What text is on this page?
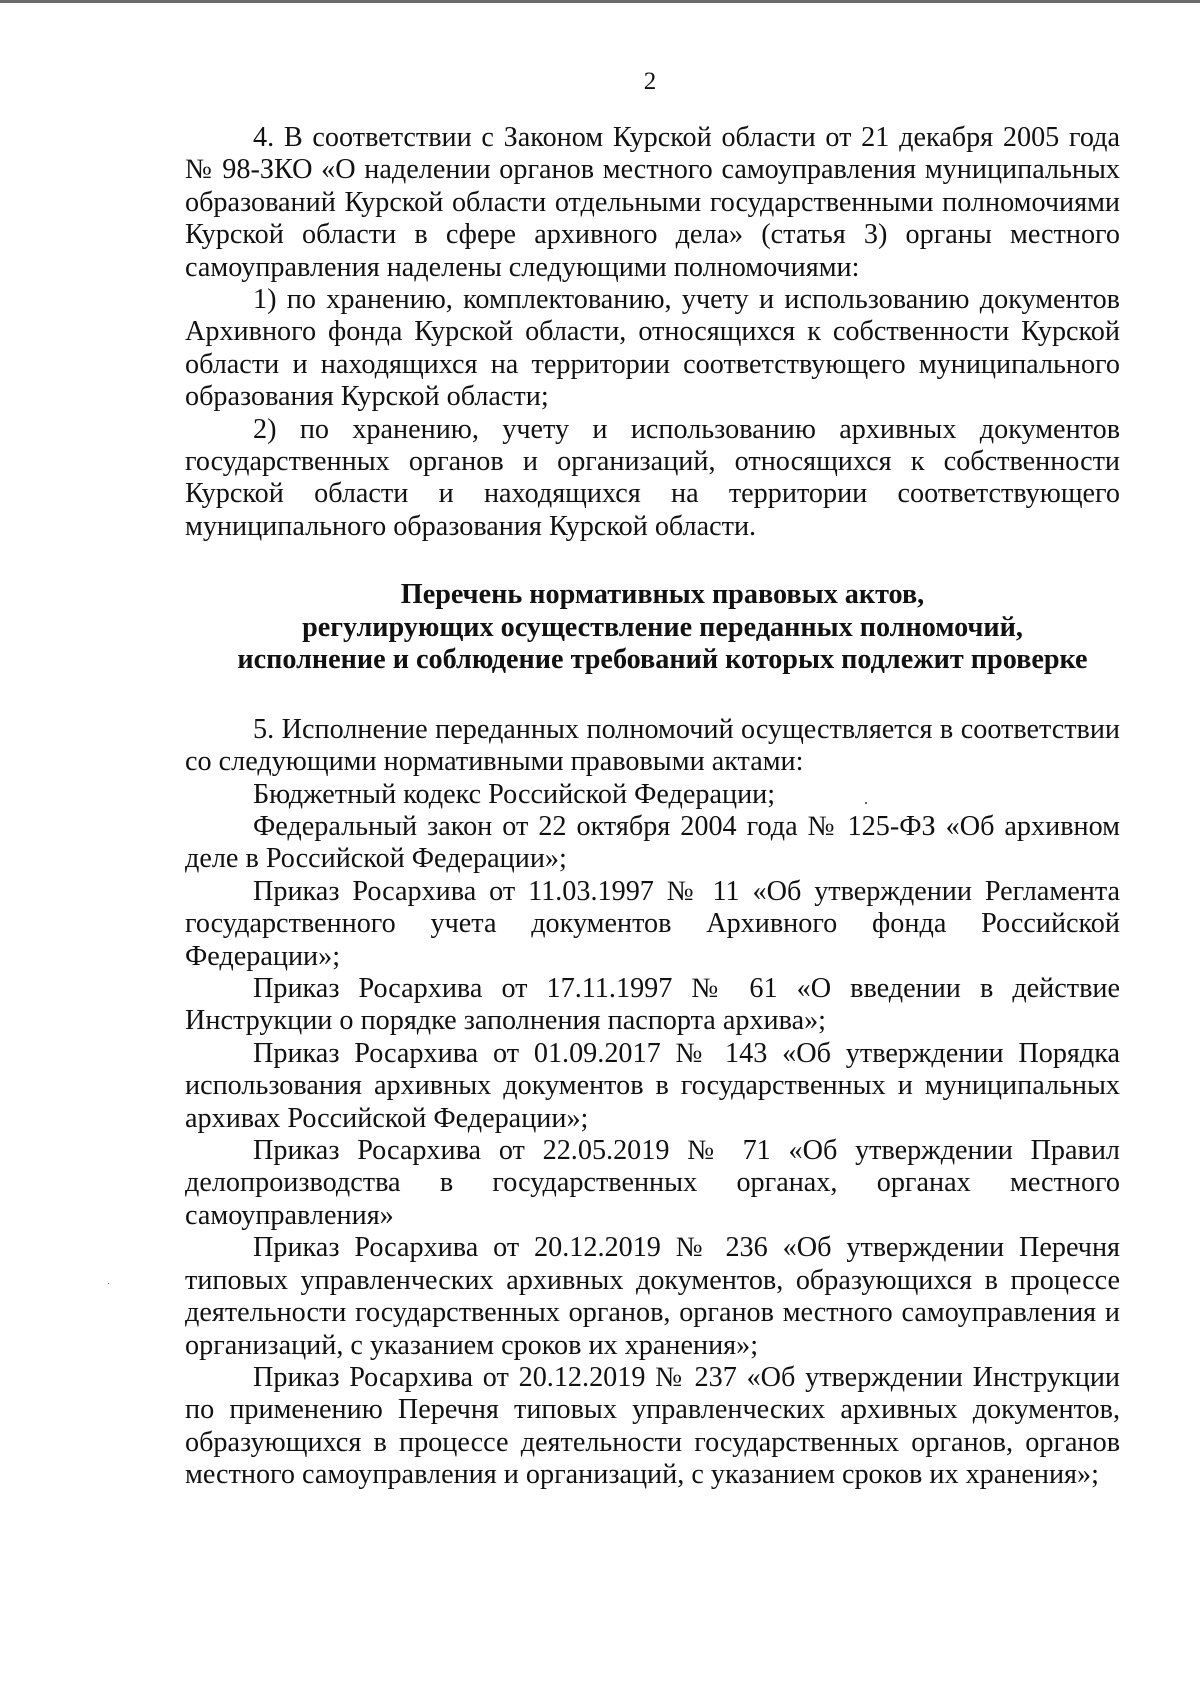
2

4. В соответствии с Законом Курской области от 21 декабря 2005 года № 98-ЗКО «О наделении органов местного самоуправления муниципальных образований Курской области отдельными государственными полномочиями Курской области в сфере архивного дела» (статья 3) органы местного самоуправления наделены следующими полномочиями:

1) по хранению, комплектованию, учету и использованию документов Архивного фонда Курской области, относящихся к собственности Курской области и находящихся на территории соответствующего муниципального образования Курской области;

2) по хранению, учету и использованию архивных документов государственных органов и организаций, относящихся к собственности Курской области и находящихся на территории соответствующего муниципального образования Курской области.

Перечень нормативных правовых актов,
регулирующих осуществление переданных полномочий,
исполнение и соблюдение требований которых подлежит проверке

5. Исполнение переданных полномочий осуществляется в соответствии со следующими нормативными правовыми актами:

Бюджетный кодекс Российской Федерации;

Федеральный закон от 22 октября 2004 года № 125-ФЗ «Об архивном деле в Российской Федерации»;

Приказ Росархива от 11.03.1997 № 11 «Об утверждении Регламента государственного учета документов Архивного фонда Российской Федерации»;

Приказ Росархива от 17.11.1997 № 61 «О введении в действие Инструкции о порядке заполнения паспорта архива»;

Приказ Росархива от 01.09.2017 № 143 «Об утверждении Порядка использования архивных документов в государственных и муниципальных архивах Российской Федерации»;

Приказ Росархива от 22.05.2019 № 71 «Об утверждении Правил делопроизводства в государственных органах, органах местного самоуправления»

Приказ Росархива от 20.12.2019 № 236 «Об утверждении Перечня типовых управленческих архивных документов, образующихся в процессе деятельности государственных органов, органов местного самоуправления и организаций, с указанием сроков их хранения»;

Приказ Росархива от 20.12.2019 № 237 «Об утверждении Инструкции по применению Перечня типовых управленческих архивных документов, образующихся в процессе деятельности государственных органов, органов местного самоуправления и организаций, с указанием сроков их хранения»;
